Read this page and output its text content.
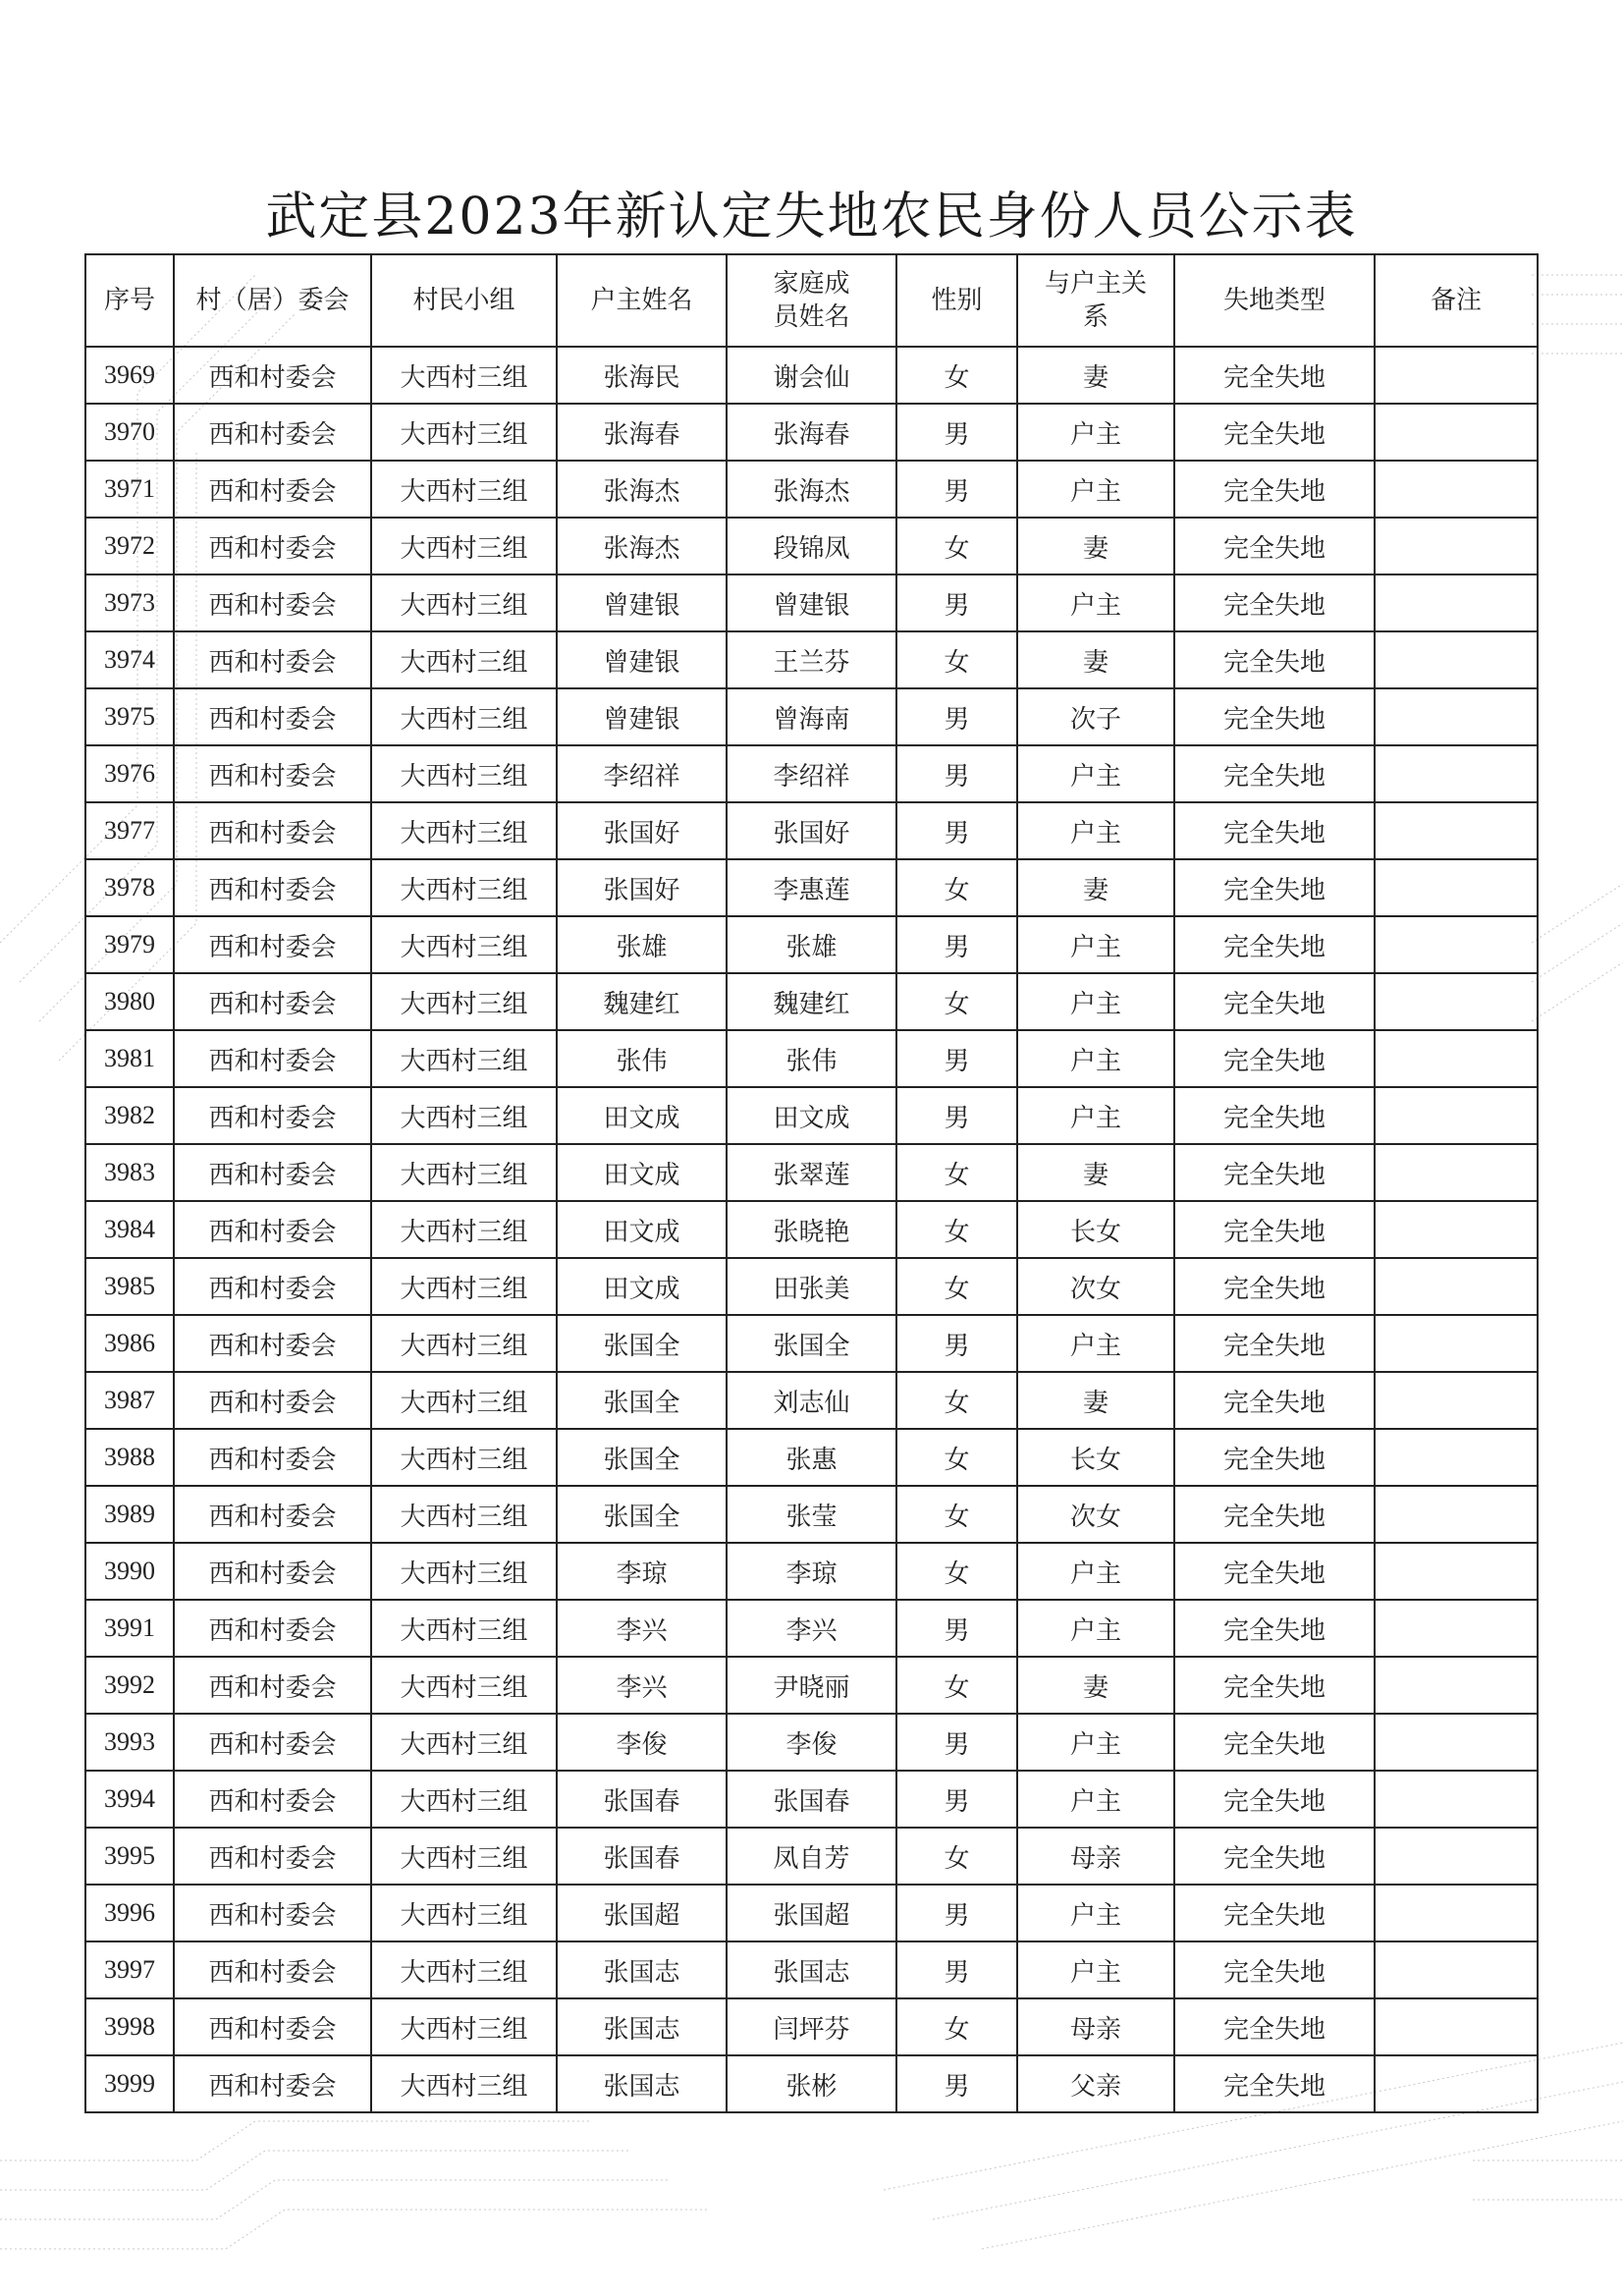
武定县2023年新认定失地农民身份人员公示表
序号	村（居）委会	村民小组	户主姓名	家庭成员姓名	性别	与户主关系	失地类型	备注
3969	西和村委会	大西村三组	张海民	谢会仙	女	妻	完全失地	
3970	西和村委会	大西村三组	张海春	张海春	男	户主	完全失地	
3971	西和村委会	大西村三组	张海杰	张海杰	男	户主	完全失地	
3972	西和村委会	大西村三组	张海杰	段锦凤	女	妻	完全失地	
3973	西和村委会	大西村三组	曾建银	曾建银	男	户主	完全失地	
3974	西和村委会	大西村三组	曾建银	王兰芬	女	妻	完全失地	
3975	西和村委会	大西村三组	曾建银	曾海南	男	次子	完全失地	
3976	西和村委会	大西村三组	李绍祥	李绍祥	男	户主	完全失地	
3977	西和村委会	大西村三组	张国好	张国好	男	户主	完全失地	
3978	西和村委会	大西村三组	张国好	李惠莲	女	妻	完全失地	
3979	西和村委会	大西村三组	张雄	张雄	男	户主	完全失地	
3980	西和村委会	大西村三组	魏建红	魏建红	女	户主	完全失地	
3981	西和村委会	大西村三组	张伟	张伟	男	户主	完全失地	
3982	西和村委会	大西村三组	田文成	田文成	男	户主	完全失地	
3983	西和村委会	大西村三组	田文成	张翠莲	女	妻	完全失地	
3984	西和村委会	大西村三组	田文成	张晓艳	女	长女	完全失地	
3985	西和村委会	大西村三组	田文成	田张美	女	次女	完全失地	
3986	西和村委会	大西村三组	张国全	张国全	男	户主	完全失地	
3987	西和村委会	大西村三组	张国全	刘志仙	女	妻	完全失地	
3988	西和村委会	大西村三组	张国全	张惠	女	长女	完全失地	
3989	西和村委会	大西村三组	张国全	张莹	女	次女	完全失地	
3990	西和村委会	大西村三组	李琼	李琼	女	户主	完全失地	
3991	西和村委会	大西村三组	李兴	李兴	男	户主	完全失地	
3992	西和村委会	大西村三组	李兴	尹晓丽	女	妻	完全失地	
3993	西和村委会	大西村三组	李俊	李俊	男	户主	完全失地	
3994	西和村委会	大西村三组	张国春	张国春	男	户主	完全失地	
3995	西和村委会	大西村三组	张国春	凤自芳	女	母亲	完全失地	
3996	西和村委会	大西村三组	张国超	张国超	男	户主	完全失地	
3997	西和村委会	大西村三组	张国志	张国志	男	户主	完全失地	
3998	西和村委会	大西村三组	张国志	闫坪芬	女	母亲	完全失地	
3999	西和村委会	大西村三组	张国志	张彬	男	父亲	完全失地	
